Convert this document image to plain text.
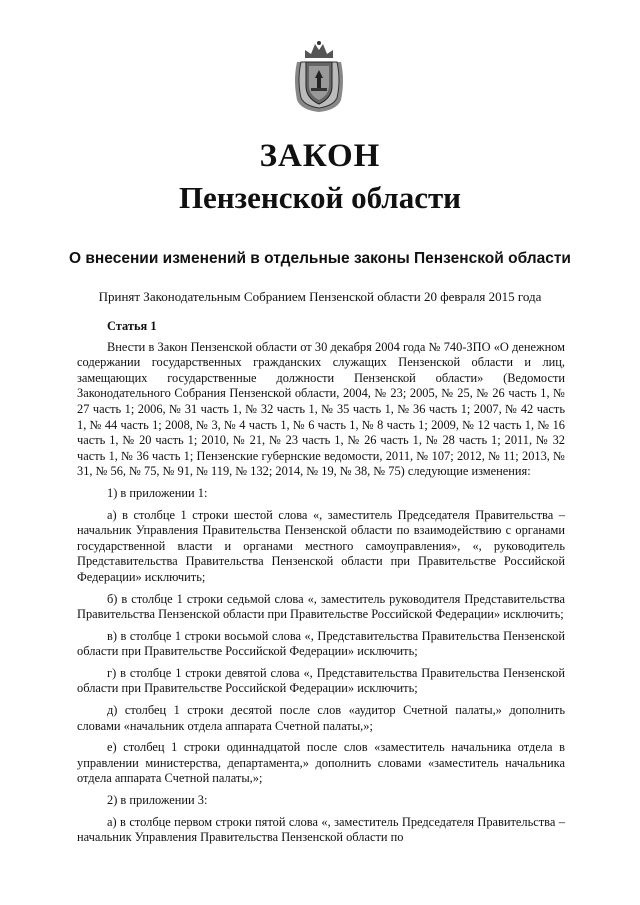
ЗАКОН
Пензенской области
О внесении изменений в отдельные законы Пензенской области

Принят Законодательным Собранием Пензенской области 20 февраля 2015 года

Статья 1

Внести в Закон Пензенской области от 30 декабря 2004 года № 740-ЗПО «О денежном содержании государственных гражданских служащих Пензенской области и лиц, замещающих государственные должности Пензенской области» (Ведомости Законодательного Собрания Пензенской области, 2004, № 23; 2005, № 25, № 26 часть 1, № 27 часть 1; 2006, № 31 часть 1, № 32 часть 1, № 35 часть 1, № 36 часть 1; 2007, № 42 часть 1, № 44 часть 1; 2008, № 3, № 4 часть 1, № 6 часть 1, № 8 часть 1; 2009, № 12 часть 1, № 16 часть 1, № 20 часть 1; 2010, № 21, № 23 часть 1, № 26 часть 1, № 28 часть 1; 2011, № 32 часть 1, № 36 часть 1; Пензенские губернские ведомости, 2011, № 107; 2012, № 11; 2013, № 31, № 56, № 75, № 91, № 119, № 132; 2014, № 19, № 38, № 75) следующие изменения:

1) в приложении 1:

а) в столбце 1 строки шестой слова «, заместитель Председателя Правительства – начальник Управления Правительства Пензенской области по взаимодействию с органами государственной власти и органами местного самоуправления», «, руководитель Представительства Правительства Пензенской области при Правительстве Российской Федерации» исключить;

б) в столбце 1 строки седьмой слова «, заместитель руководителя Представительства Правительства Пензенской области при Правительстве Российской Федерации» исключить;

в) в столбце 1 строки восьмой слова «, Представительства Правительства Пензенской области при Правительстве Российской Федерации» исключить;

г) в столбце 1 строки девятой слова «, Представительства Правительства Пензенской области при Правительстве Российской Федерации» исключить;

д) столбец 1 строки десятой после слов «аудитор Счетной палаты,» дополнить словами «начальник отдела аппарата Счетной палаты,»;

е) столбец 1 строки одиннадцатой после слов «заместитель начальника отдела в управлении министерства, департамента,» дополнить словами «заместитель начальника отдела аппарата Счетной палаты,»;

2) в приложении 3:

а) в столбце первом строки пятой слова «, заместитель Председателя Правительства – начальник Управления Правительства Пензенской области по
